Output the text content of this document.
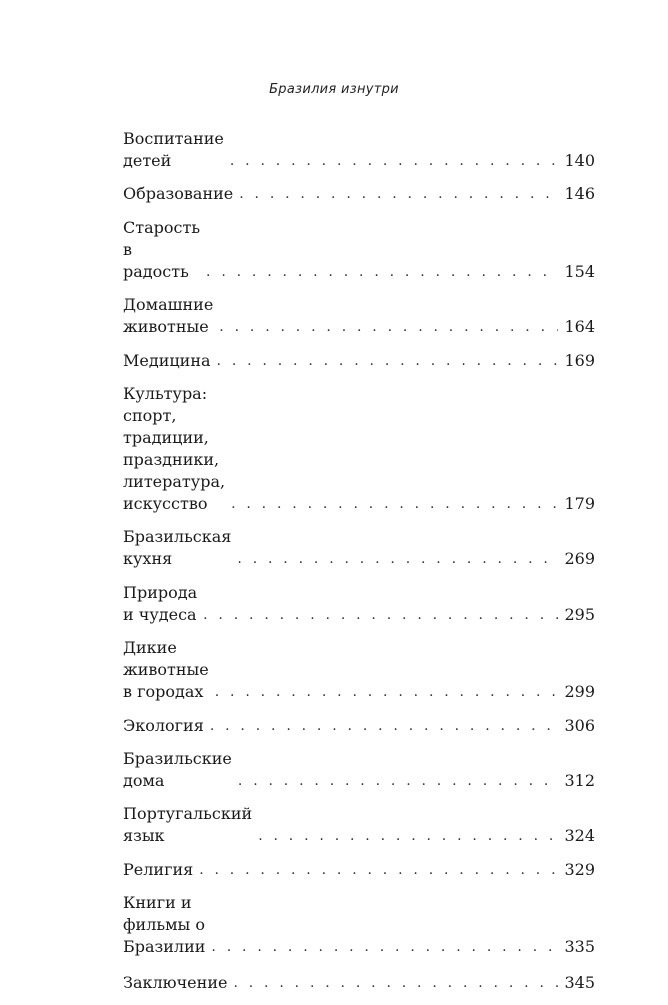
Бразилия изнутри
Воспитание детей . . .	140
Образование . . .	146
Старость в радость . . .	154
Домашние животные . . .	164
Медицина . . .	169
Культура: спорт, традиции, праздники,
литература, искусство . . .	179
Бразильская кухня . . .	269
Природа и чудеса . . .	295
Дикие животные в городах . . .	299
Экология . . .	306
Бразильские дома . . .	312
Португальский язык . . .	324
Религия . . .	329
Книги и фильмы о Бразилии . . .	335
Заключение . . .	345
